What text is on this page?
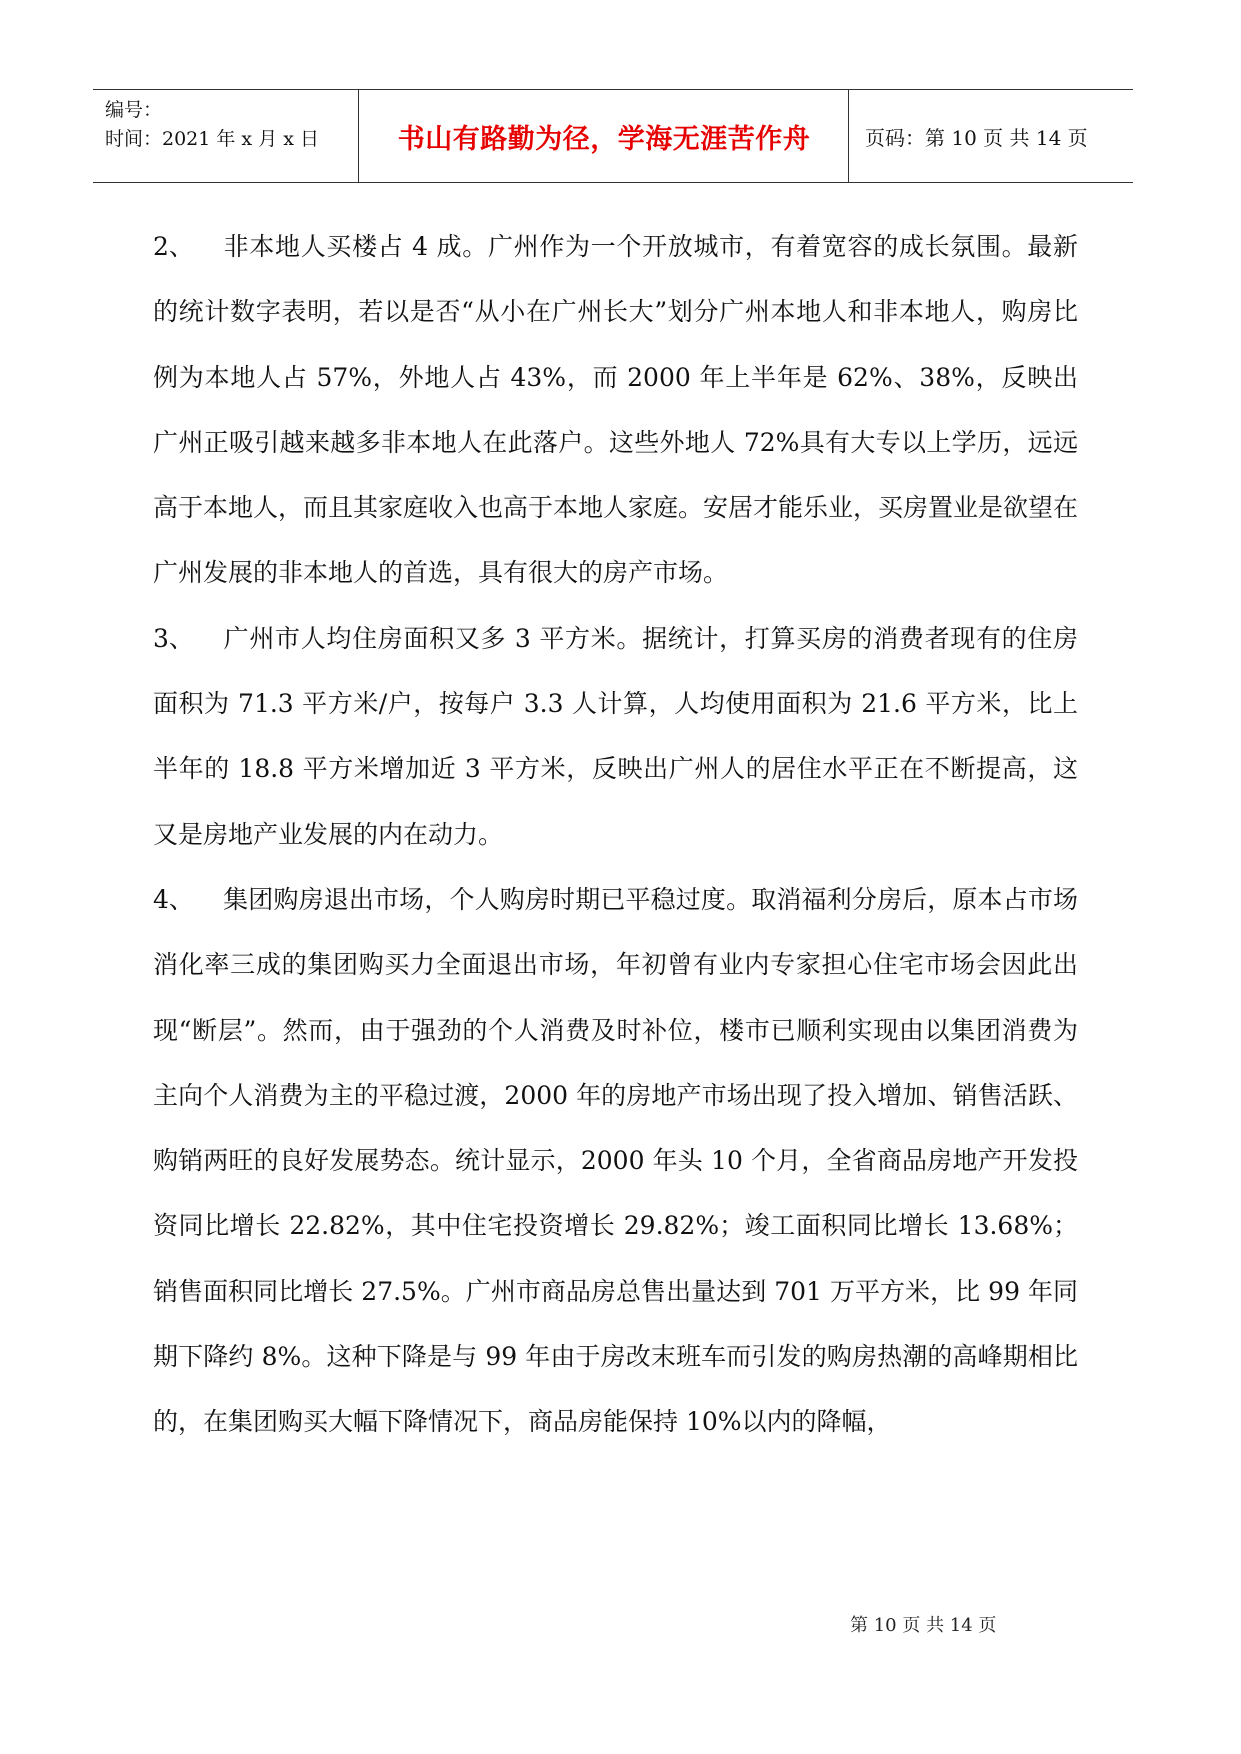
编号：
时间：2021 年 x 月 x 日	书山有路勤为径，学海无涯苦作舟	页码：第 10 页 共 14 页

2、 非本地人买楼占 4 成。广州作为一个开放城市，有着宽容的成长氛围。最新的统计数字表明，若以是否“从小在广州长大”划分广州本地人和非本地人，购房比例为本地人占 57%，外地人占 43%，而 2000 年上半年是 62%、38%，反映出广州正吸引越来越多非本地人在此落户。这些外地人 72%具有大专以上学历，远远高于本地人，而且其家庭收入也高于本地人家庭。安居才能乐业，买房置业是欲望在广州发展的非本地人的首选，具有很大的房产市场。

3、 广州市人均住房面积又多 3 平方米。据统计，打算买房的消费者现有的住房面积为 71.3 平方米/户，按每户 3.3 人计算，人均使用面积为 21.6 平方米，比上半年的 18.8 平方米增加近 3 平方米，反映出广州人的居住水平正在不断提高，这又是房地产业发展的内在动力。

4、 集团购房退出市场，个人购房时期已平稳过度。取消福利分房后，原本占市场消化率三成的集团购买力全面退出市场，年初曾有业内专家担心住宅市场会因此出现“断层”。然而，由于强劲的个人消费及时补位，楼市已顺利实现由以集团消费为主向个人消费为主的平稳过渡，2000 年的房地产市场出现了投入增加、销售活跃、购销两旺的良好发展势态。统计显示，2000 年头 10 个月，全省商品房地产开发投资同比增长 22.82%，其中住宅投资增长 29.82%；竣工面积同比增长 13.68%；销售面积同比增长 27.5%。广州市商品房总售出量达到 701 万平方米，比 99 年同期下降约 8%。这种下降是与 99 年由于房改末班车而引发的购房热潮的高峰期相比的，在集团购买大幅下降情况下，商品房能保持 10%以内的降幅，

第 10 页 共 14 页
